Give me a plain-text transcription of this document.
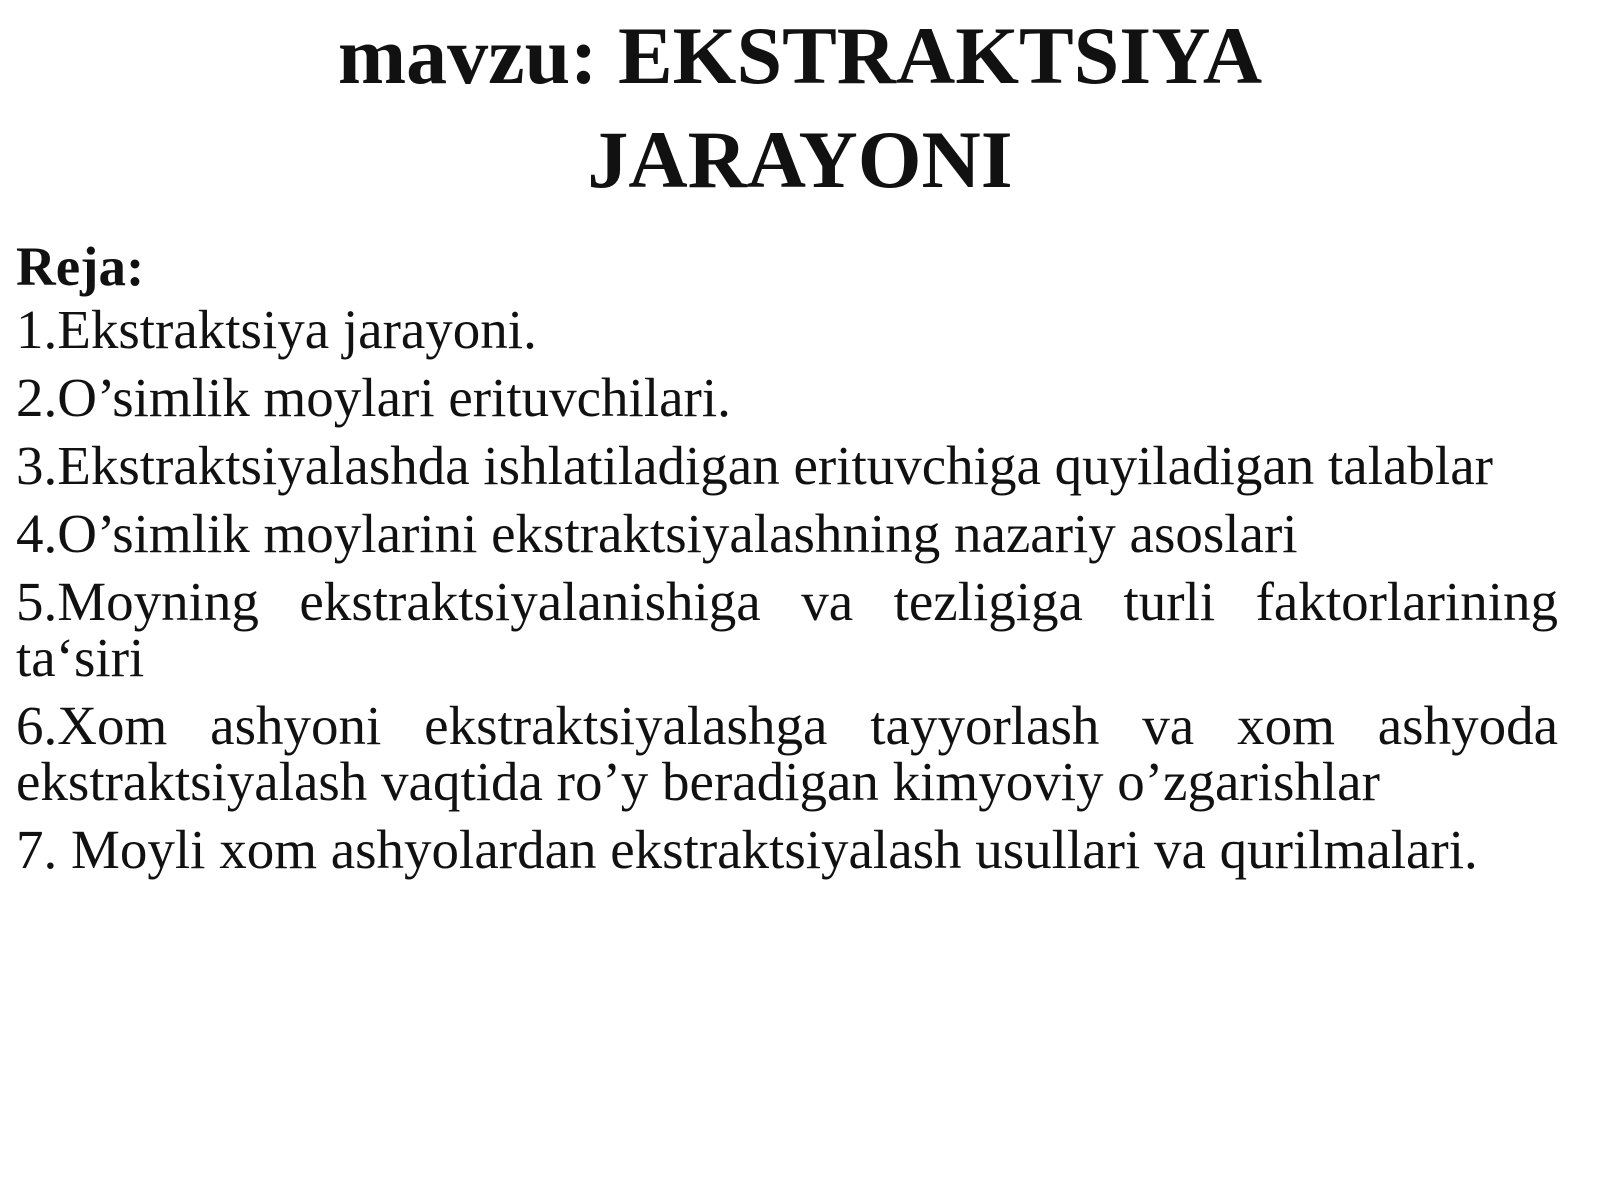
mavzu: EKSTRAKTSIYA
JARAYONI

Reja:

1.Ekstraktsiya jarayoni.
2.O’simlik moylari erituvchilari.
3.Ekstraktsiyalashda ishlatiladigan erituvchiga quyiladigan talablar
4.O’simlik moylarini ekstraktsiyalashning nazariy asoslari
5.Moyning ekstraktsiyalanishiga va tezligiga turli faktorlarining ta‘siri
6.Xom ashyoni ekstraktsiyalashga tayyorlash va xom ashyoda ekstraktsiyalash vaqtida ro’y beradigan kimyoviy o’zgarishlar
7. Moyli xom ashyolardan ekstraktsiyalash usullari va qurilmalari.
